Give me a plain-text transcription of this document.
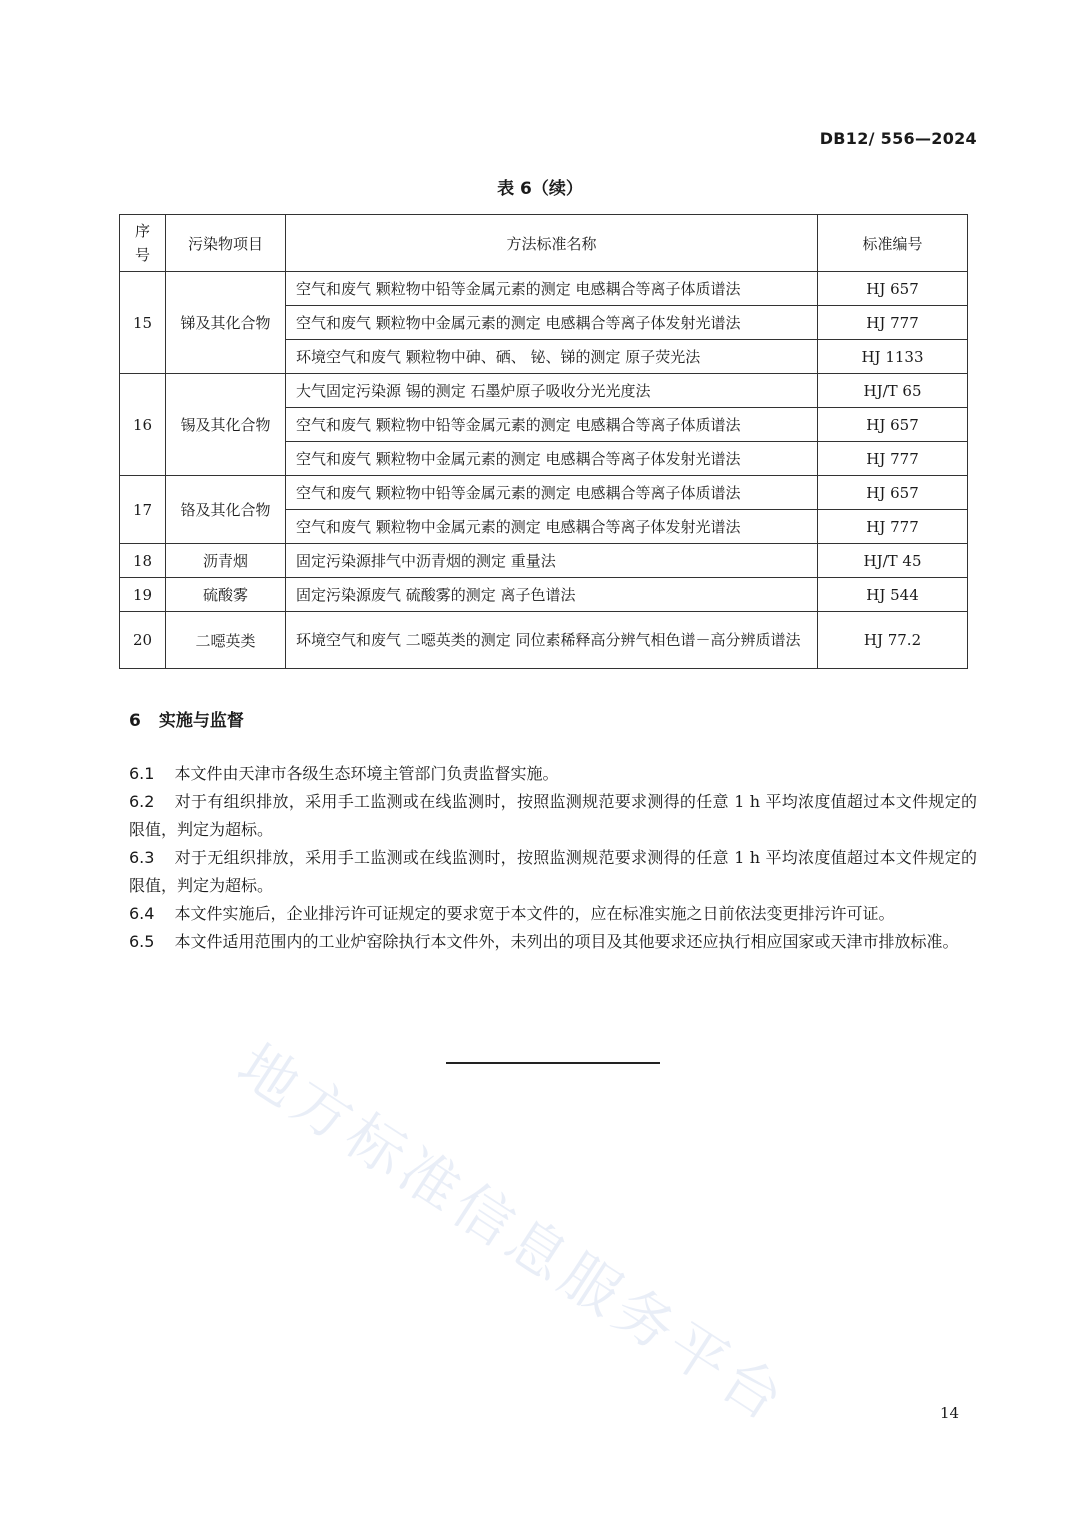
DB12/ 556—2024
表 6（续）
序
号	污染物项目	方法标准名称	标准编号
15	锑及其化合物	空气和废气 颗粒物中铅等金属元素的测定 电感耦合等离子体质谱法	HJ 657
		空气和废气 颗粒物中金属元素的测定 电感耦合等离子体发射光谱法	HJ 777
		环境空气和废气 颗粒物中砷、硒、 铋、锑的测定 原子荧光法	HJ 1133
16	锡及其化合物	大气固定污染源 锡的测定 石墨炉原子吸收分光光度法	HJ/T 65
		空气和废气 颗粒物中铅等金属元素的测定 电感耦合等离子体质谱法	HJ 657
		空气和废气 颗粒物中金属元素的测定 电感耦合等离子体发射光谱法	HJ 777
17	铬及其化合物	空气和废气 颗粒物中铅等金属元素的测定 电感耦合等离子体质谱法	HJ 657
		空气和废气 颗粒物中金属元素的测定 电感耦合等离子体发射光谱法	HJ 777
18	沥青烟	固定污染源排气中沥青烟的测定 重量法	HJ/T 45
19	硫酸雾	固定污染源废气 硫酸雾的测定 离子色谱法	HJ 544
20	二噁英类	环境空气和废气 二噁英类的测定 同位素稀释高分辨气相色谱－高分辨质谱法	HJ 77.2
6 实施与监督
6.1 本文件由天津市各级生态环境主管部门负责监督实施。
6.2 对于有组织排放，采用手工监测或在线监测时，按照监测规范要求测得的任意 1 h 平均浓度值超过本文件规定的限值，判定为超标。
6.3 对于无组织排放，采用手工监测或在线监测时，按照监测规范要求测得的任意 1 h 平均浓度值超过本文件规定的限值，判定为超标。
6.4 本文件实施后，企业排污许可证规定的要求宽于本文件的，应在标准实施之日前依法变更排污许可证。
6.5 本文件适用范围内的工业炉窑除执行本文件外，未列出的项目及其他要求还应执行相应国家或天津市排放标准。
地方标准信息服务平台	14
